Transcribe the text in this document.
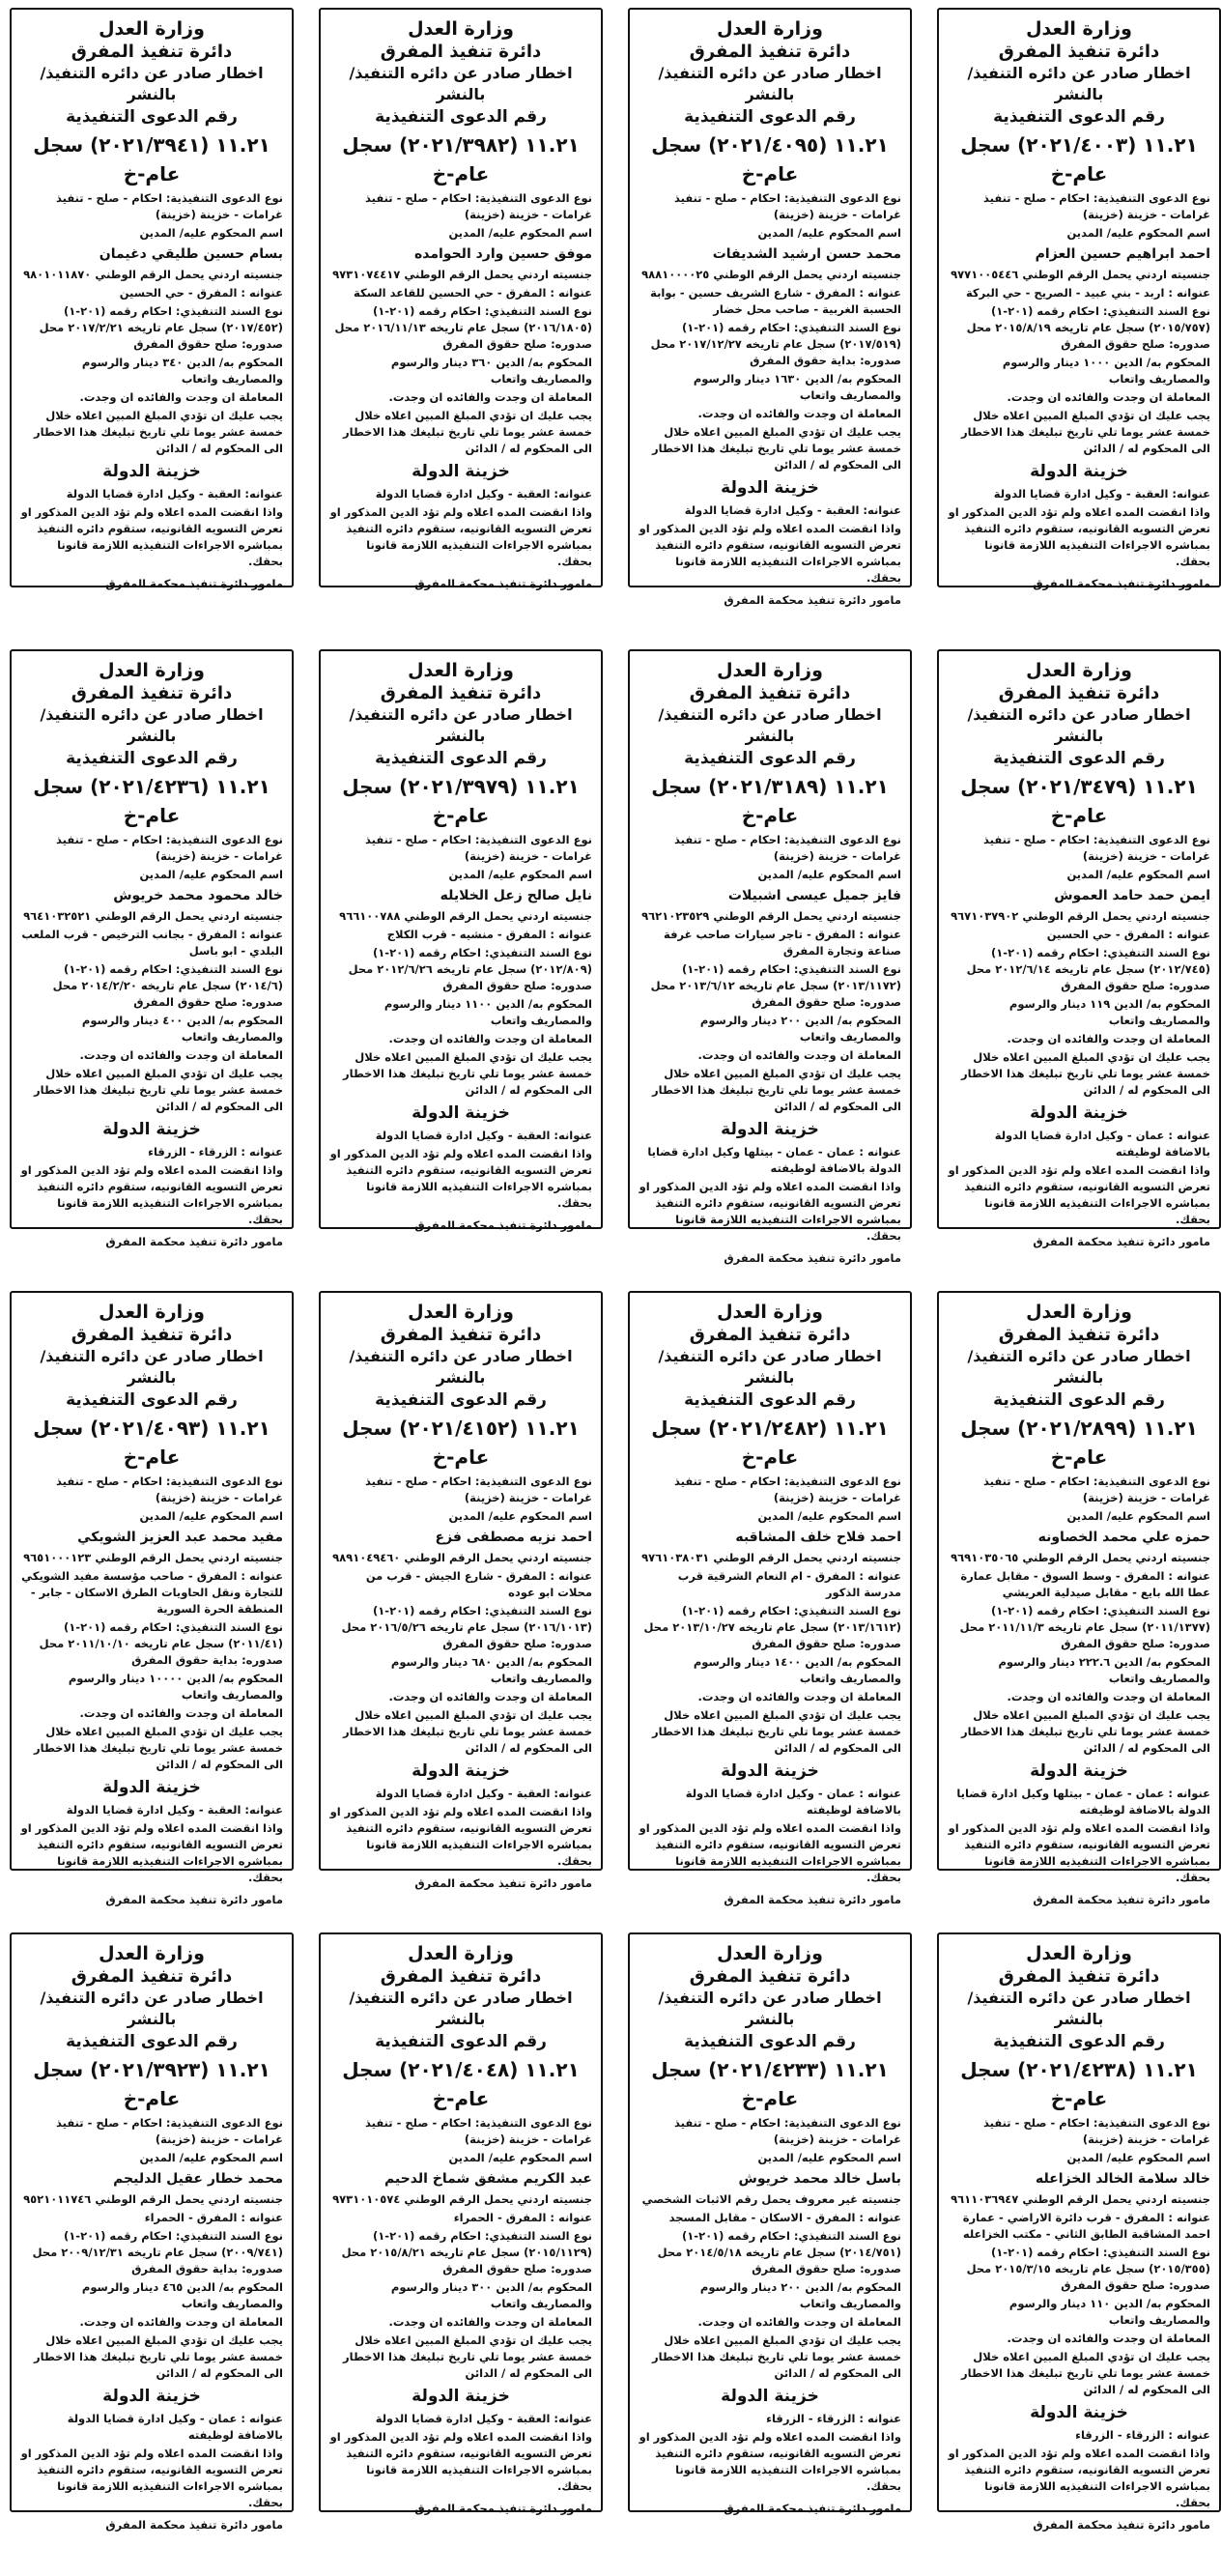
وزارة العدل
دائرة تنفيذ المفرق
اخطار صادر عن دائره التنفيذ/ بالنشر
رقم الدعوى التنفيذية
١١.٢١ (٢٠٢١/٤٠٠٣) سجل عام-خ
نوع الدعوى التنفيذية: احكام - صلح - تنفيذ غرامات - خزينة (خزينة)
اسم المحكوم عليه/ المدين
احمد ابراهيم حسين العزام
جنسيته اردني يحمل الرقم الوطني ٩٧٧١٠٠٥٤٤٦
عنوانه : اربد - بني عبيد - الصريح - حي البركة
نوع السند التنفيذي: احكام رقمه (٢٠١-١) (٢٠١٥/٧٥٧) سجل عام تاريخه ٢٠١٥/٨/١٩ محل صدوره: صلح حقوق المفرق
المحكوم به/ الدين ١٠٠٠ دينار والرسوم والمصاريف واتعاب
المعاملة ان وجدت والفائده ان وجدت.
يجب عليك ان تؤدي المبلغ المبين اعلاه خلال خمسة عشر يوما تلي تاريخ تبليغك هذا الاخطار الى المحكوم له / الدائن
خزينة الدولة
عنوانه: العقبة - وكيل ادارة قضايا الدولة
واذا انقضت المده اعلاه ولم تؤد الدين المذكور او تعرض التسويه القانونيه، ستقوم دائره التنفيذ بمباشره الاجراءات التنفيذيه اللازمة قانونا بحقك.
مامور دائرة تنفيذ محكمة المفرق
وزارة العدل
دائرة تنفيذ المفرق
اخطار صادر عن دائره التنفيذ/ بالنشر
رقم الدعوى التنفيذية
١١.٢١ (٢٠٢١/٤٠٩٥) سجل عام-خ
نوع الدعوى التنفيذية: احكام - صلح - تنفيذ غرامات - خزينة (خزينة)
اسم المحكوم عليه/ المدين
محمد حسن ارشيد الشديفات
جنسيته اردني يحمل الرقم الوطني ٩٨٨١٠٠٠٠٢٥
عنوانه : المفرق - شارع الشريف حسين - بوابة الحسبة الغربية - صاحب محل خضار
نوع السند التنفيذي: احكام رقمه (٢٠١-١) (٢٠١٧/٥١٩) سجل عام تاريخه ٢٠١٧/١٢/٢٧ محل صدوره: بداية حقوق المفرق
المحكوم به/ الدين ١٦٣٠ دينار والرسوم والمصاريف واتعاب
المعاملة ان وجدت والفائده ان وجدت.
يجب عليك ان تؤدي المبلغ المبين اعلاه خلال خمسة عشر يوما تلي تاريخ تبليغك هذا الاخطار الى المحكوم له / الدائن
خزينة الدولة
عنوانه: العقبة - وكيل ادارة قضايا الدولة
واذا انقضت المده اعلاه ولم تؤد الدين المذكور او تعرض التسويه القانونيه، ستقوم دائره التنفيذ بمباشره الاجراءات التنفيذيه اللازمة قانونا بحقك.
مامور دائرة تنفيذ محكمة المفرق
وزارة العدل
دائرة تنفيذ المفرق
اخطار صادر عن دائره التنفيذ/ بالنشر
رقم الدعوى التنفيذية
١١.٢١ (٢٠٢١/٣٩٨٢) سجل عام-خ
نوع الدعوى التنفيذية: احكام - صلح - تنفيذ غرامات - خزينة (خزينة)
اسم المحكوم عليه/ المدين
موفق حسين وارد الحوامده
جنسيته اردني يحمل الرقم الوطني ٩٧٣١٠٧٤٤١٧
عنوانه : المفرق - حي الحسين للقاعد السكة
نوع السند التنفيذي: احكام رقمه (٢٠١-١) (٢٠١٦/١٨٠٥) سجل عام تاريخه ٢٠١٦/١١/١٣ محل صدوره: صلح حقوق المفرق
المحكوم به/ الدين ٣٦٠ دينار والرسوم والمصاريف واتعاب
المعاملة ان وجدت والفائده ان وجدت.
يجب عليك ان تؤدي المبلغ المبين اعلاه خلال خمسة عشر يوما تلي تاريخ تبليغك هذا الاخطار الى المحكوم له / الدائن
خزينة الدولة
عنوانه: العقبة - وكيل ادارة قضايا الدولة
واذا انقضت المده اعلاه ولم تؤد الدين المذكور او تعرض التسويه القانونيه، ستقوم دائره التنفيذ بمباشره الاجراءات التنفيذيه اللازمة قانونا بحقك.
مامور دائرة تنفيذ محكمة المفرق
وزارة العدل
دائرة تنفيذ المفرق
اخطار صادر عن دائره التنفيذ/ بالنشر
رقم الدعوى التنفيذية
١١.٢١ (٢٠٢١/٣٩٤١) سجل عام-خ
نوع الدعوى التنفيذية: احكام - صلح - تنفيذ غرامات - خزينة (خزينة)
اسم المحكوم عليه/ المدين
بسام حسين طليقي دغيمان
جنسيته اردني يحمل الرقم الوطني ٩٨٠١٠١١٨٧٠
عنوانه : المفرق - حي الحسين
نوع السند التنفيذي: احكام رقمه (٢٠١-١) (٢٠١٧/٤٥٢) سجل عام تاريخه ٢٠١٧/٢/٢١ محل صدوره: صلح حقوق المفرق
المحكوم به/ الدين ٣٤٠ دينار والرسوم والمصاريف واتعاب
المعاملة ان وجدت والفائده ان وجدت.
يجب عليك ان تؤدي المبلغ المبين اعلاه خلال خمسة عشر يوما تلي تاريخ تبليغك هذا الاخطار الى المحكوم له / الدائن
خزينة الدولة
عنوانه: العقبة - وكيل ادارة قضايا الدولة
واذا انقضت المده اعلاه ولم تؤد الدين المذكور او تعرض التسويه القانونيه، ستقوم دائره التنفيذ بمباشره الاجراءات التنفيذيه اللازمة قانونا بحقك.
مامور دائرة تنفيذ محكمة المفرق
وزارة العدل
دائرة تنفيذ المفرق
اخطار صادر عن دائره التنفيذ/ بالنشر
رقم الدعوى التنفيذية
١١.٢١ (٢٠٢١/٣٤٧٩) سجل عام-خ
نوع الدعوى التنفيذية: احكام - صلح - تنفيذ غرامات - خزينة (خزينة)
اسم المحكوم عليه/ المدين
ايمن حمد حامد العموش
جنسيته اردني يحمل الرقم الوطني ٩٦٧١٠٣٧٩٠٢
عنوانه : المفرق - حي الحسين
نوع السند التنفيذي: احكام رقمه (٢٠١-١) (٢٠١٢/٧٤٥) سجل عام تاريخه ٢٠١٢/٦/١٤ محل صدوره: صلح حقوق المفرق
المحكوم به/ الدين ١١٩ دينار والرسوم والمصاريف واتعاب
المعاملة ان وجدت والفائده ان وجدت.
يجب عليك ان تؤدي المبلغ المبين اعلاه خلال خمسة عشر يوما تلي تاريخ تبليغك هذا الاخطار الى المحكوم له / الدائن
خزينة الدولة
عنوانه : عمان - وكيل ادارة قضايا الدولة بالاضافة لوظيفته
واذا انقضت المده اعلاه ولم تؤد الدين المذكور او تعرض التسويه القانونيه، ستقوم دائره التنفيذ بمباشره الاجراءات التنفيذيه اللازمة قانونا بحقك.
مامور دائرة تنفيذ محكمة المفرق
وزارة العدل
دائرة تنفيذ المفرق
اخطار صادر عن دائره التنفيذ/ بالنشر
رقم الدعوى التنفيذية
١١.٢١ (٢٠٢١/٣١٨٩) سجل عام-خ
نوع الدعوى التنفيذية: احكام - صلح - تنفيذ غرامات - خزينة (خزينة)
اسم المحكوم عليه/ المدين
فايز جميل عيسى اشبيلات
جنسيته اردني يحمل الرقم الوطني ٩٦٢١٠٢٣٥٢٩
عنوانه : المفرق - تاجر سيارات صاحب غرفة صناعة وتجارة المفرق
نوع السند التنفيذي: احكام رقمه (٢٠١-١) (٢٠١٣/١١٧٢) سجل عام تاريخه ٢٠١٣/٦/١٢ محل صدوره: صلح حقوق المفرق
المحكوم به/ الدين ٢٠٠ دينار والرسوم والمصاريف واتعاب
المعاملة ان وجدت والفائده ان وجدت.
يجب عليك ان تؤدي المبلغ المبين اعلاه خلال خمسة عشر يوما تلي تاريخ تبليغك هذا الاخطار الى المحكوم له / الدائن
خزينة الدولة
عنوانه : عمان - عمان - بيتلها وكيل ادارة قضايا الدولة بالاضافة لوظيفته
واذا انقضت المده اعلاه ولم تؤد الدين المذكور او تعرض التسويه القانونيه، ستقوم دائره التنفيذ بمباشره الاجراءات التنفيذيه اللازمة قانونا بحقك.
مامور دائرة تنفيذ محكمة المفرق
وزارة العدل
دائرة تنفيذ المفرق
اخطار صادر عن دائره التنفيذ/ بالنشر
رقم الدعوى التنفيذية
١١.٢١ (٢٠٢١/٣٩٧٩) سجل عام-خ
نوع الدعوى التنفيذية: احكام - صلح - تنفيذ غرامات - خزينة (خزينة)
اسم المحكوم عليه/ المدين
نايل صالح زعل الخلايله
جنسيته اردني يحمل الرقم الوطني ٩٦٦١٠٠٧٨٨
عنوانه : المفرق - منشيه - قرب الكلاج
نوع السند التنفيذي: احكام رقمه (٢٠١-١) (٢٠١٢/٨٠٩) سجل عام تاريخه ٢٠١٢/٦/٢٦ محل صدوره: صلح حقوق المفرق
المحكوم به/ الدين ١١٠٠ دينار والرسوم والمصاريف واتعاب
المعاملة ان وجدت والفائده ان وجدت.
يجب عليك ان تؤدي المبلغ المبين اعلاه خلال خمسة عشر يوما تلي تاريخ تبليغك هذا الاخطار الى المحكوم له / الدائن
خزينة الدولة
عنوانه: العقبة - وكيل ادارة قضايا الدولة
واذا انقضت المده اعلاه ولم تؤد الدين المذكور او تعرض التسويه القانونيه، ستقوم دائره التنفيذ بمباشره الاجراءات التنفيذيه اللازمة قانونا بحقك.
مامور دائرة تنفيذ محكمة المفرق
وزارة العدل
دائرة تنفيذ المفرق
اخطار صادر عن دائره التنفيذ/ بالنشر
رقم الدعوى التنفيذية
١١.٢١ (٢٠٢١/٤٢٣٦) سجل عام-خ
نوع الدعوى التنفيذية: احكام - صلح - تنفيذ غرامات - خزينة (خزينة)
اسم المحكوم عليه/ المدين
خالد محمود محمد خريوش
جنسيته اردني يحمل الرقم الوطني ٩٦٤١٠٣٢٥٢١
عنوانه : المفرق - بجانب الترخيص - قرب الملعب البلدي - ابو باسل
نوع السند التنفيذي: احكام رقمه (٢٠١-١) (٢٠١٤/٦) سجل عام تاريخه ٢٠١٤/٢/٢٠ محل صدوره: صلح حقوق المفرق
المحكوم به/ الدين ٤٠٠ دينار والرسوم والمصاريف واتعاب
المعاملة ان وجدت والفائده ان وجدت.
يجب عليك ان تؤدي المبلغ المبين اعلاه خلال خمسة عشر يوما تلي تاريخ تبليغك هذا الاخطار الى المحكوم له / الدائن
خزينة الدولة
عنوانه : الزرقاء - الزرقاء
واذا انقضت المده اعلاه ولم تؤد الدين المذكور او تعرض التسويه القانونيه، ستقوم دائره التنفيذ بمباشره الاجراءات التنفيذيه اللازمة قانونا بحقك.
مامور دائرة تنفيذ محكمة المفرق
وزارة العدل
دائرة تنفيذ المفرق
اخطار صادر عن دائره التنفيذ/ بالنشر
رقم الدعوى التنفيذية
١١.٢١ (٢٠٢١/٢٨٩٩) سجل عام-خ
نوع الدعوى التنفيذية: احكام - صلح - تنفيذ غرامات - خزينة (خزينة)
اسم المحكوم عليه/ المدين
حمزه علي محمد الخصاونه
جنسيته اردني يحمل الرقم الوطني ٩٦٩١٠٣٥٠٦٥
عنوانه : المفرق - وسط السوق - مقابل عمارة عطا الله بايع - مقابل صيدلية العريشي
نوع السند التنفيذي: احكام رقمه (٢٠١-١) (٢٠١١/١٣٧٧) سجل عام تاريخه ٢٠١١/١١/٣ محل صدوره: صلح حقوق المفرق
المحكوم به/ الدين ٢٢٢.٦ دينار والرسوم والمصاريف واتعاب
المعاملة ان وجدت والفائده ان وجدت.
يجب عليك ان تؤدي المبلغ المبين اعلاه خلال خمسة عشر يوما تلي تاريخ تبليغك هذا الاخطار الى المحكوم له / الدائن
خزينة الدولة
عنوانه : عمان - عمان - بيتلها وكيل ادارة قضايا الدولة بالاضافة لوظيفته
واذا انقضت المده اعلاه ولم تؤد الدين المذكور او تعرض التسويه القانونيه، ستقوم دائره التنفيذ بمباشره الاجراءات التنفيذيه اللازمة قانونا بحقك.
مامور دائرة تنفيذ محكمة المفرق
وزارة العدل
دائرة تنفيذ المفرق
اخطار صادر عن دائره التنفيذ/ بالنشر
رقم الدعوى التنفيذية
١١.٢١ (٢٠٢١/٢٤٨٢) سجل عام-خ
نوع الدعوى التنفيذية: احكام - صلح - تنفيذ غرامات - خزينة (خزينة)
اسم المحكوم عليه/ المدين
احمد فلاح خلف المشاقبه
جنسيته اردني يحمل الرقم الوطني ٩٧٦١٠٣٨٠٣١
عنوانه : المفرق - ام النعام الشرقية قرب مدرسة الذكور
نوع السند التنفيذي: احكام رقمه (٢٠١-١) (٢٠١٣/١٦١٢) سجل عام تاريخه ٢٠١٣/١٠/٢٧ محل صدوره: صلح حقوق المفرق
المحكوم به/ الدين ١٤٠٠ دينار والرسوم والمصاريف واتعاب
المعاملة ان وجدت والفائده ان وجدت.
يجب عليك ان تؤدي المبلغ المبين اعلاه خلال خمسة عشر يوما تلي تاريخ تبليغك هذا الاخطار الى المحكوم له / الدائن
خزينة الدولة
عنوانه : عمان - وكيل ادارة قضايا الدولة بالاضافة لوظيفته
واذا انقضت المده اعلاه ولم تؤد الدين المذكور او تعرض التسويه القانونيه، ستقوم دائره التنفيذ بمباشره الاجراءات التنفيذيه اللازمة قانونا بحقك.
مامور دائرة تنفيذ محكمة المفرق
وزارة العدل
دائرة تنفيذ المفرق
اخطار صادر عن دائره التنفيذ/ بالنشر
رقم الدعوى التنفيذية
١١.٢١ (٢٠٢١/٤١٥٢) سجل عام-خ
نوع الدعوى التنفيذية: احكام - صلح - تنفيذ غرامات - خزينة (خزينة)
اسم المحكوم عليه/ المدين
احمد نزيه مصطفى فزع
جنسيته اردني يحمل الرقم الوطني ٩٨٩١٠٤٩٤٦٠
عنوانه : المفرق - شارع الجيش - قرب من محلات ابو عوده
نوع السند التنفيذي: احكام رقمه (٢٠١-١) (٢٠١٦/١٠١٣) سجل عام تاريخه ٢٠١٦/٥/٢٦ محل صدوره: صلح حقوق المفرق
المحكوم به/ الدين ٦٨٠ دينار والرسوم والمصاريف واتعاب
المعاملة ان وجدت والفائده ان وجدت.
يجب عليك ان تؤدي المبلغ المبين اعلاه خلال خمسة عشر يوما تلي تاريخ تبليغك هذا الاخطار الى المحكوم له / الدائن
خزينة الدولة
عنوانه: العقبة - وكيل ادارة قضايا الدولة
واذا انقضت المده اعلاه ولم تؤد الدين المذكور او تعرض التسويه القانونيه، ستقوم دائره التنفيذ بمباشره الاجراءات التنفيذيه اللازمة قانونا بحقك.
مامور دائرة تنفيذ محكمة المفرق
وزارة العدل
دائرة تنفيذ المفرق
اخطار صادر عن دائره التنفيذ/ بالنشر
رقم الدعوى التنفيذية
١١.٢١ (٢٠٢١/٤٠٩٣) سجل عام-خ
نوع الدعوى التنفيذية: احكام - صلح - تنفيذ غرامات - خزينة (خزينة)
اسم المحكوم عليه/ المدين
مفيد محمد عبد العزيز الشويكي
جنسيته اردني يحمل الرقم الوطني ٩٦٥١٠٠٠١٢٣
عنوانه : المفرق - صاحب مؤسسة مفيد الشويكي للتجارة ونقل الحاويات الطرق الاسكان - جابر - المنطقة الحرة السورية
نوع السند التنفيذي: احكام رقمه (٢٠١-١) (٢٠١١/٤١) سجل عام تاريخه ٢٠١١/١٠/١٠ محل صدوره: بداية حقوق المفرق
المحكوم به/ الدين ١٠٠٠٠ دينار والرسوم والمصاريف واتعاب
المعاملة ان وجدت والفائده ان وجدت.
يجب عليك ان تؤدي المبلغ المبين اعلاه خلال خمسة عشر يوما تلي تاريخ تبليغك هذا الاخطار الى المحكوم له / الدائن
خزينة الدولة
عنوانه: العقبة - وكيل ادارة قضايا الدولة
واذا انقضت المده اعلاه ولم تؤد الدين المذكور او تعرض التسويه القانونيه، ستقوم دائره التنفيذ بمباشره الاجراءات التنفيذيه اللازمة قانونا بحقك.
مامور دائرة تنفيذ محكمة المفرق
وزارة العدل
دائرة تنفيذ المفرق
اخطار صادر عن دائره التنفيذ/ بالنشر
رقم الدعوى التنفيذية
١١.٢١ (٢٠٢١/٤٢٣٨) سجل عام-خ
نوع الدعوى التنفيذية: احكام - صلح - تنفيذ غرامات - خزينة (خزينة)
اسم المحكوم عليه/ المدين
خالد سلامة الخالد الخزاعله
جنسيته اردني يحمل الرقم الوطني ٩٦١١٠٣٦٩٤٧
عنوانه : المفرق - قرب دائرة الاراضي - عمارة احمد المشاقبة الطابق الثاني - مكتب الخزاعله
نوع السند التنفيذي: احكام رقمه (٢٠١-١) (٢٠١٥/٣٥٥) سجل عام تاريخه ٢٠١٥/٣/١٥ محل صدوره: صلح حقوق المفرق
المحكوم به/ الدين ١١٠ دينار والرسوم والمصاريف واتعاب
المعاملة ان وجدت والفائده ان وجدت.
يجب عليك ان تؤدي المبلغ المبين اعلاه خلال خمسة عشر يوما تلي تاريخ تبليغك هذا الاخطار الى المحكوم له / الدائن
خزينة الدولة
عنوانه : الزرقاء - الزرقاء
واذا انقضت المده اعلاه ولم تؤد الدين المذكور او تعرض التسويه القانونيه، ستقوم دائره التنفيذ بمباشره الاجراءات التنفيذيه اللازمة قانونا بحقك.
مامور دائرة تنفيذ محكمة المفرق
وزارة العدل
دائرة تنفيذ المفرق
اخطار صادر عن دائره التنفيذ/ بالنشر
رقم الدعوى التنفيذية
١١.٢١ (٢٠٢١/٤٢٣٣) سجل عام-خ
نوع الدعوى التنفيذية: احكام - صلح - تنفيذ غرامات - خزينة (خزينة)
اسم المحكوم عليه/ المدين
باسل خالد محمد خريوش
جنسيته غير معروف يحمل رقم الاثبات الشخصي
عنوانه : المفرق - الاسكان - مقابل المسجد
نوع السند التنفيذي: احكام رقمه (٢٠١-١) (٢٠١٤/٧٥١) سجل عام تاريخه ٢٠١٤/٥/١٨ محل صدوره: صلح حقوق المفرق
المحكوم به/ الدين ٢٠٠ دينار والرسوم والمصاريف واتعاب
المعاملة ان وجدت والفائده ان وجدت.
يجب عليك ان تؤدي المبلغ المبين اعلاه خلال خمسة عشر يوما تلي تاريخ تبليغك هذا الاخطار الى المحكوم له / الدائن
خزينة الدولة
عنوانه : الزرقاء - الزرقاء
واذا انقضت المده اعلاه ولم تؤد الدين المذكور او تعرض التسويه القانونيه، ستقوم دائره التنفيذ بمباشره الاجراءات التنفيذيه اللازمة قانونا بحقك.
مامور دائرة تنفيذ محكمة المفرق
وزارة العدل
دائرة تنفيذ المفرق
اخطار صادر عن دائره التنفيذ/ بالنشر
رقم الدعوى التنفيذية
١١.٢١ (٢٠٢١/٤٠٤٨) سجل عام-خ
نوع الدعوى التنفيذية: احكام - صلح - تنفيذ غرامات - خزينة (خزينة)
اسم المحكوم عليه/ المدين
عبد الكريم مشفق شماخ الدحيم
جنسيته اردني يحمل الرقم الوطني ٩٧٣١٠١٠٥٧٤
عنوانه : المفرق - الحمراء
نوع السند التنفيذي: احكام رقمه (٢٠١-١) (٢٠١٥/١١٢٩) سجل عام تاريخه ٢٠١٥/٨/٢١ محل صدوره: صلح حقوق المفرق
المحكوم به/ الدين ٣٠٠ دينار والرسوم والمصاريف واتعاب
المعاملة ان وجدت والفائده ان وجدت.
يجب عليك ان تؤدي المبلغ المبين اعلاه خلال خمسة عشر يوما تلي تاريخ تبليغك هذا الاخطار الى المحكوم له / الدائن
خزينة الدولة
عنوانه: العقبة - وكيل ادارة قضايا الدولة
واذا انقضت المده اعلاه ولم تؤد الدين المذكور او تعرض التسويه القانونيه، ستقوم دائره التنفيذ بمباشره الاجراءات التنفيذيه اللازمة قانونا بحقك.
مامور دائرة تنفيذ محكمة المفرق
وزارة العدل
دائرة تنفيذ المفرق
اخطار صادر عن دائره التنفيذ/ بالنشر
رقم الدعوى التنفيذية
١١.٢١ (٢٠٢١/٣٩٢٣) سجل عام-خ
نوع الدعوى التنفيذية: احكام - صلح - تنفيذ غرامات - خزينة (خزينة)
اسم المحكوم عليه/ المدين
محمد خطار عقيل الدليجم
جنسيته اردني يحمل الرقم الوطني ٩٥٢١٠١١٧٤٦
عنوانه : المفرق - الحمراء
نوع السند التنفيذي: احكام رقمه (٢٠١-١) (٢٠٠٩/٧٤١) سجل عام تاريخه ٢٠٠٩/١٢/٣١ محل صدوره: بداية حقوق المفرق
المحكوم به/ الدين ٤٦٥ دينار والرسوم والمصاريف واتعاب
المعاملة ان وجدت والفائده ان وجدت.
يجب عليك ان تؤدي المبلغ المبين اعلاه خلال خمسة عشر يوما تلي تاريخ تبليغك هذا الاخطار الى المحكوم له / الدائن
خزينة الدولة
عنوانه : عمان - وكيل ادارة قضايا الدولة بالاضافة لوظيفته
واذا انقضت المده اعلاه ولم تؤد الدين المذكور او تعرض التسويه القانونيه، ستقوم دائره التنفيذ بمباشره الاجراءات التنفيذيه اللازمة قانونا بحقك.
مامور دائرة تنفيذ محكمة المفرق
